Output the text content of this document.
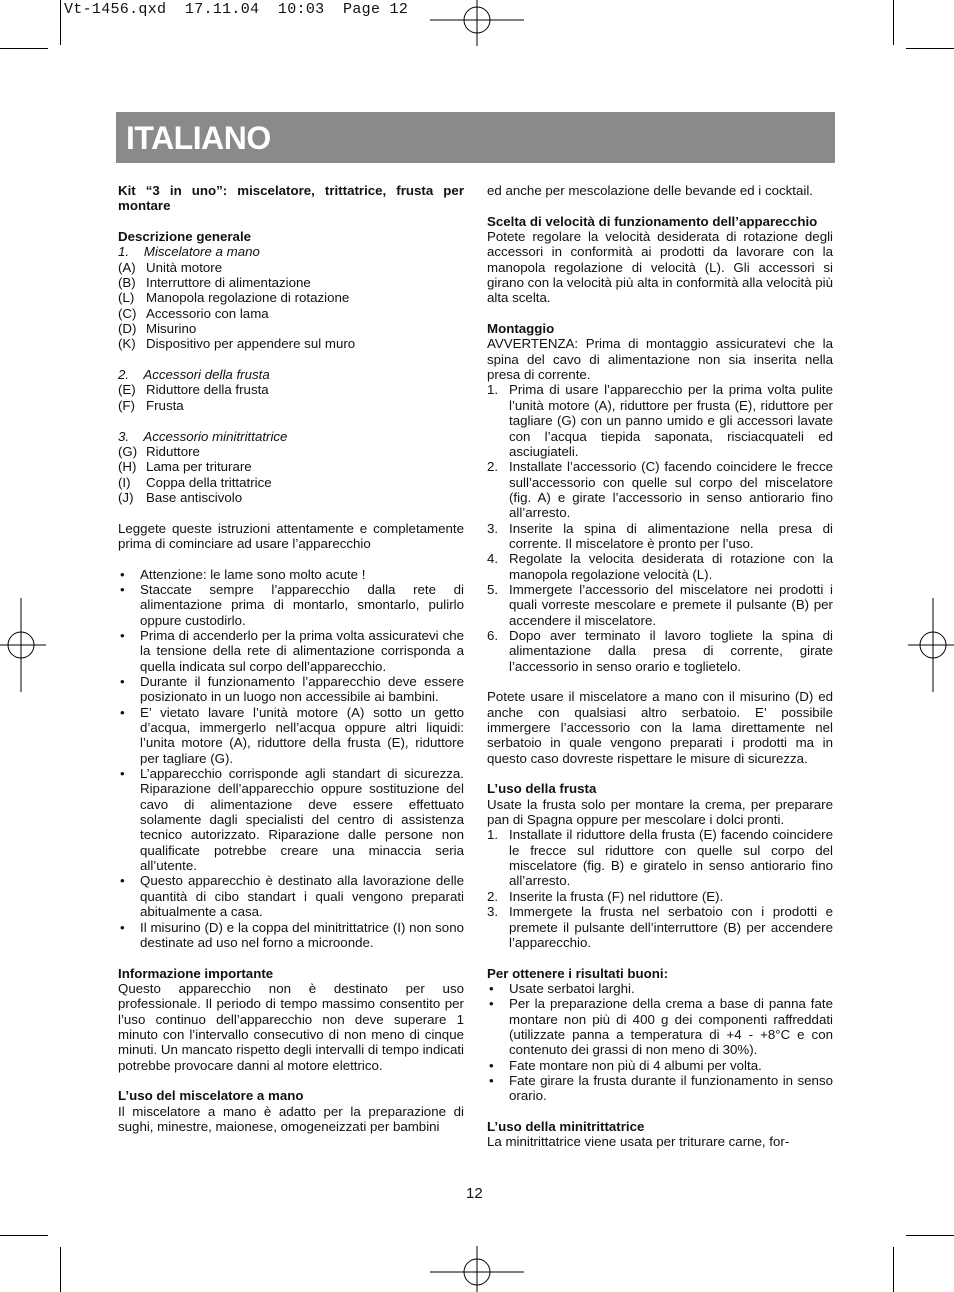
Vt-1456.qxd  17.11.04  10:03  Page 12
ITALIANO

Kit “3 in uno”: miscelatore, trittatrice, frusta per montare

Descrizione generale

1.    Miscelatore a mano

(A) Unità motore
(B) Interruttore di alimentazione
(L) Manopola regolazione di rotazione
(C) Accessorio con lama
(D) Misurino
(K) Dispositivo per appendere sul muro

2.    Accessori della frusta

(E) Riduttore della frusta
(F) Frusta

3.    Accessorio minitrittatrice

(G) Riduttore
(H) Lama per triturare
(I)	Coppa della trittatrice
(J) Base antiscivolo

Leggete queste istruzioni attentamente e completamente prima di cominciare ad usare l’apparecchio

•	Attenzione: le lame sono molto acute !
•	Staccate sempre l’apparecchio dalla rete di alimentazione prima di montarlo, smontarlo, pulirlo oppure custodirlo.
•	Prima di accenderlo per la prima volta assicuratevi che la tensione della rete di alimentazione corrisponda a quella indicata sul corpo dell’apparecchio.
•	Durante il funzionamento l’apparecchio deve essere posizionato in un luogo non accessibile ai bambini.
•	E’ vietato lavare l’unità motore (A) sotto un getto d’acqua, immergerlo nell’acqua oppure altri liquidi: l’unita motore (A), riduttore della frusta (E), riduttore per tagliare (G).
•	L’apparecchio corrisponde agli standart di sicurezza. Riparazione dell’apparecchio oppure sostituzione del cavo di alimentazione deve essere effettuato solamente dagli specialisti del centro di assistenza tecnico autorizzato. Riparazione dalle persone non qualificate potrebbe creare una minaccia seria all’utente.
•	Questo apparecchio è destinato alla lavorazione delle quantità di cibo standart i quali vengono preparati abitualmente a casa.
•	Il misurino (D) e la coppa del minitrittatrice (I) non sono destinate ad uso nel forno a microonde.

Informazione importante

Questo apparecchio non è destinato per uso professionale. Il periodo di tempo massimo consentito per l’uso continuo dell’apparecchio non deve superare 1 minuto con l’intervallo consecutivo di non meno di cinque minuti. Un mancato rispetto degli intervalli di tempo indicati potrebbe provocare danni al motore elettrico.

L’uso del miscelatore a mano

Il miscelatore a mano è adatto per la preparazione di sughi, minestre, maionese, omogeneizzati per bambini

ed anche per mescolazione delle bevande ed i cocktail.

Scelta di velocità di funzionamento dell’apparecchio

Potete regolare la velocità desiderata di rotazione degli accessori in conformità ai prodotti da lavorare con la manopola regolazione di velocità (L). Gli accessori si girano con la velocità più alta in conformità alla velocità più alta scelta.

Montaggio

AVVERTENZA: Prima di montaggio assicuratevi che la spina del cavo di alimentazione non sia inserita nella presa di corrente.

1. Prima di usare l’apparecchio per la prima volta pulite l’unità motore (A), riduttore per frusta (E), riduttore per tagliare (G) con un panno umido e gli accessori lavate con l’acqua tiepida saponata, risciacquateli ed asciugiateli.
2. Installate l’accessorio (C) facendo coincidere le frecce sull’accessorio con quelle sul corpo del miscelatore (fig. A) e girate l’accessorio in senso antiorario fino all’arresto.
3. Inserite la spina di alimentazione nella presa di corrente. Il miscelatore è pronto per l’uso.
4. Regolate la velocita desiderata di rotazione con la manopola regolazione velocità (L).
5. Immergete l’accessorio del miscelatore nei prodotti i quali vorreste mescolare e premete il pulsante (B) per accendere il miscelatore.
6. Dopo aver terminato il lavoro togliete la spina di alimentazione dalla presa di corrente, girate l’accessorio in senso orario e toglietelo.

Potete usare il miscelatore a mano con il misurino (D) ed anche con qualsiasi altro serbatoio. E’ possibile immergere l’accessorio con la lama direttamente nel serbatoio in quale vengono preparati i prodotti ma in questo caso dovreste rispettare le misure di sicurezza.

L’uso della frusta

Usate la frusta solo per montare la crema, per preparare pan di Spagna oppure per mescolare i dolci pronti.

1. Installate il riduttore della frusta (E) facendo coincidere le frecce sul riduttore con quelle sul corpo del miscelatore (fig. B) e giratelo in senso antiorario fino all’arresto.
2. Inserite la frusta (F) nel riduttore (E).
3. Immergete la frusta nel serbatoio con i prodotti e premete il pulsante dell’interruttore (B) per accendere l’apparecchio.

Per ottenere i risultati buoni:

•	Usate serbatoi larghi.
•	Per la preparazione della crema a base di panna fate montare non più di 400 g dei componenti raffreddati (utilizzate panna a temperatura di +4 - +8°C e con contenuto dei grassi di non meno di 30%).
•	Fate montare non più di 4 albumi per volta.
•	Fate girare la frusta durante il funzionamento in senso orario.

L’uso della minitrittatrice

La minitrittatrice viene usata per triturare carne, for-

12
